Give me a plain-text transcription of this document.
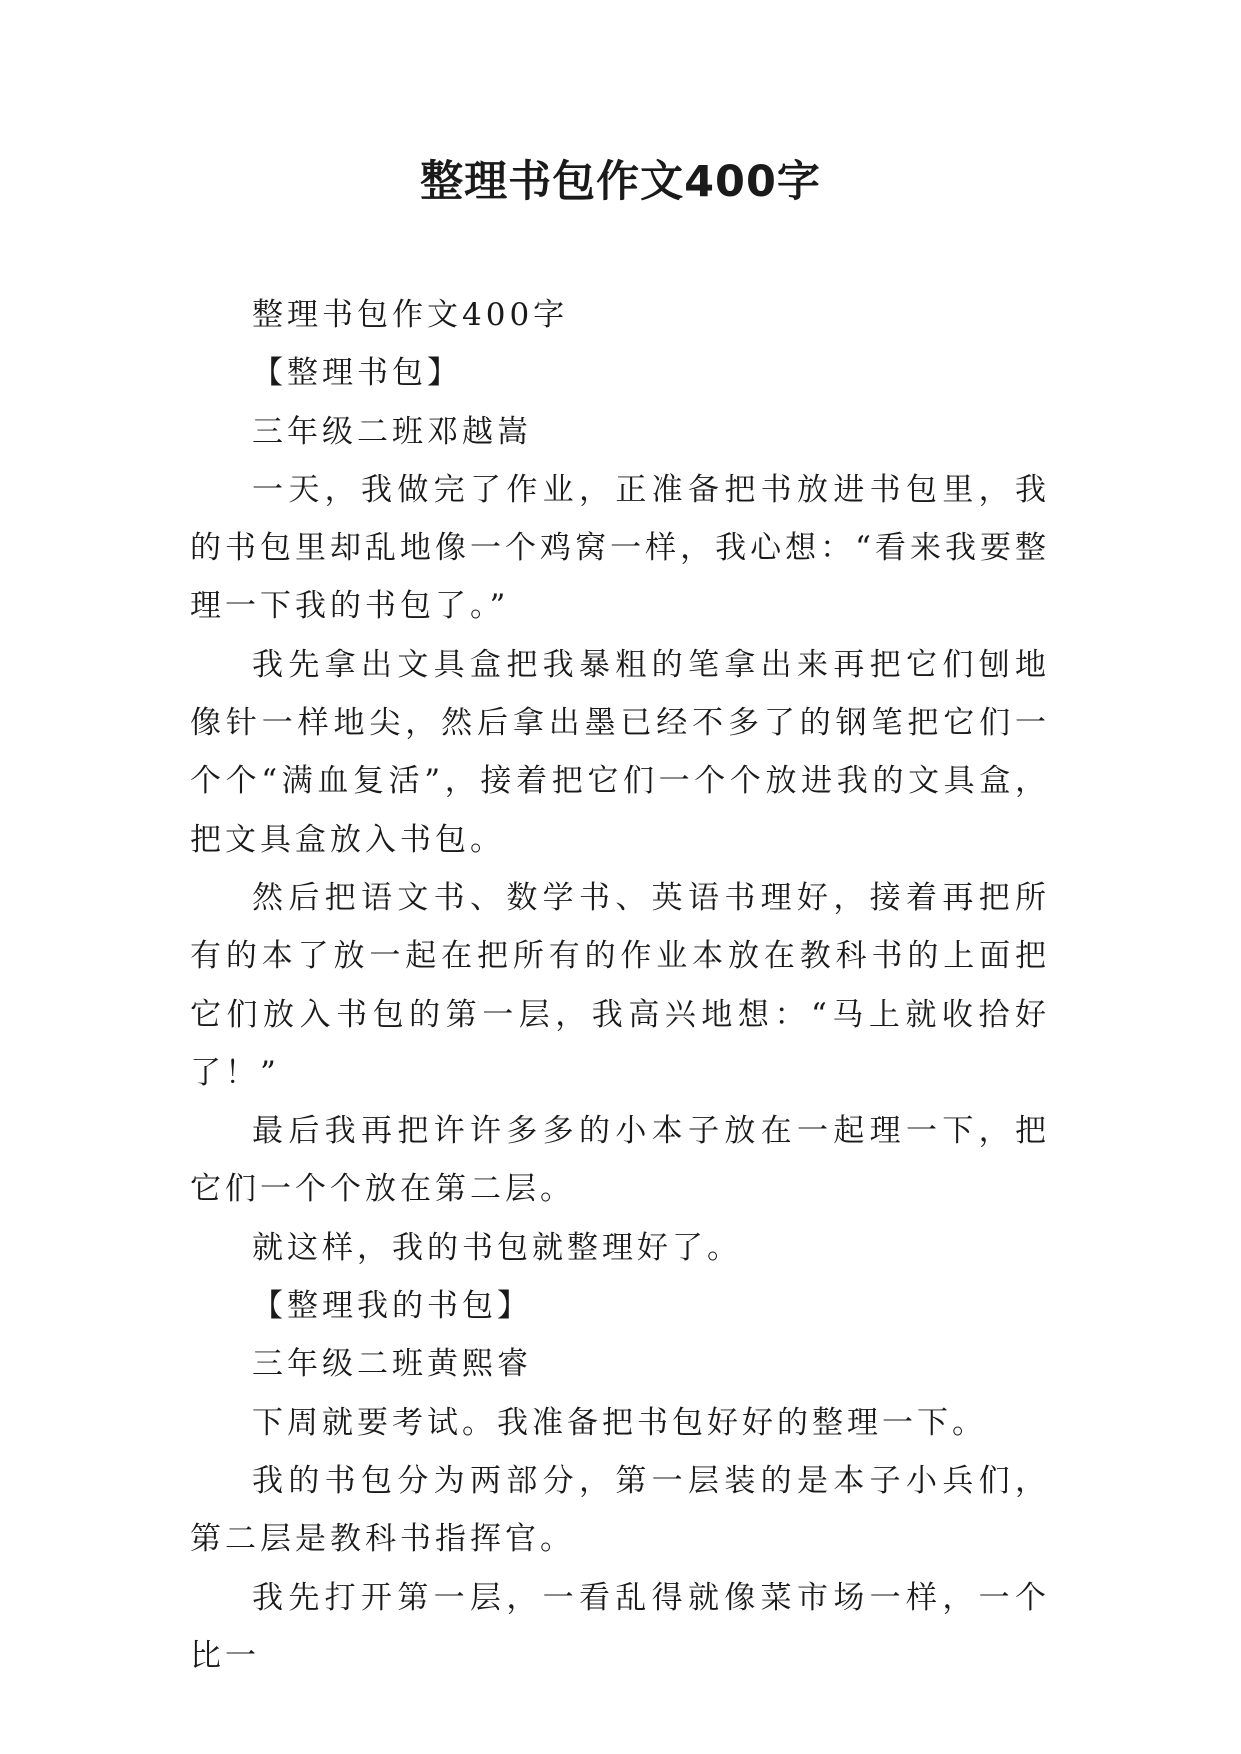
整理书包作文400字

整理书包作文400字

【整理书包】

三年级二班邓越嵩

一天，我做完了作业，正准备把书放进书包里，我的书包里却乱地像一个鸡窝一样，我心想：“看来我要整理一下我的书包了。”

我先拿出文具盒把我暴粗的笔拿出来再把它们刨地像针一样地尖，然后拿出墨已经不多了的钢笔把它们一个个“满血复活”，接着把它们一个个放进我的文具盒，把文具盒放入书包。

然后把语文书、数学书、英语书理好，接着再把所有的本了放一起在把所有的作业本放在教科书的上面把它们放入书包的第一层，我高兴地想：“马上就收拾好了！”

最后我再把许许多多的小本子放在一起理一下，把它们一个个放在第二层。

就这样，我的书包就整理好了。

【整理我的书包】

三年级二班黄熙睿

下周就要考试。我准备把书包好好的整理一下。

我的书包分为两部分，第一层装的是本子小兵们，第二层是教科书指挥官。

我先打开第一层，一看乱得就像菜市场一样，一个比一
